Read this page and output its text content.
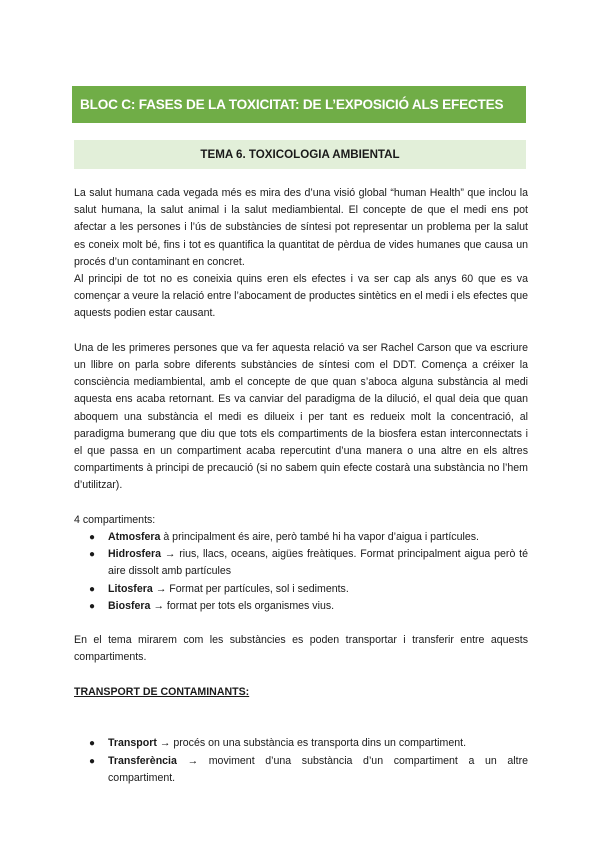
BLOC C: FASES DE LA TOXICITAT: DE L’EXPOSICIÓ ALS EFECTES
TEMA 6. TOXICOLOGIA AMBIENTAL

La salut humana cada vegada més es mira des d’una visió global “human Health” que inclou la salut humana, la salut animal i la salut mediambiental. El concepte de que el medi ens pot afectar a les persones i l’ús de substàncies de síntesi pot representar un problema per la salut es coneix molt bé, fins i tot es quantifica la quantitat de pèrdua de vides humanes que causa un procés d’un contaminant en concret.

Al principi de tot no es coneixia quins eren els efectes i va ser cap als anys 60 que es va començar a veure la relació entre l’abocament de productes sintètics en el medi i els efectes que aquests podien estar causant.

Una de les primeres persones que va fer aquesta relació va ser Rachel Carson que va escriure un llibre on parla sobre diferents substàncies de síntesi com el DDT. Comença a créixer la consciència mediambiental, amb el concepte de que quan s’aboca alguna substància al medi aquesta ens acaba retornant. Es va canviar del paradigma de la dilució, el qual deia que quan aboquem una substància el medi es dilueix i per tant es redueix molt la concentració, al paradigma bumerang que diu que tots els compartiments de la biosfera estan interconnectats i el que passa en un compartiment acaba repercutint d’una manera o una altre en els altres compartiments à principi de precaució (si no sabem quin efecte costarà una substància no l’hem d’utilitzar).

4 compartiments:

● Atmosfera à principalment és aire, però també hi ha vapor d’aigua i partícules.
● Hidrosfera → rius, llacs, oceans, aigües freàtiques. Format principalment aigua però té aire dissolt amb partícules
● Litosfera → Format per partícules, sol i sediments.
● Biosfera → format per tots els organismes vius.

En el tema mirarem com les substàncies es poden transportar i transferir entre aquests compartiments.

TRANSPORT DE CONTAMINANTS:

● Transport → procés on una substància es transporta dins un compartiment.
● Transferència → moviment d’una substància d’un compartiment a un altre compartiment.
